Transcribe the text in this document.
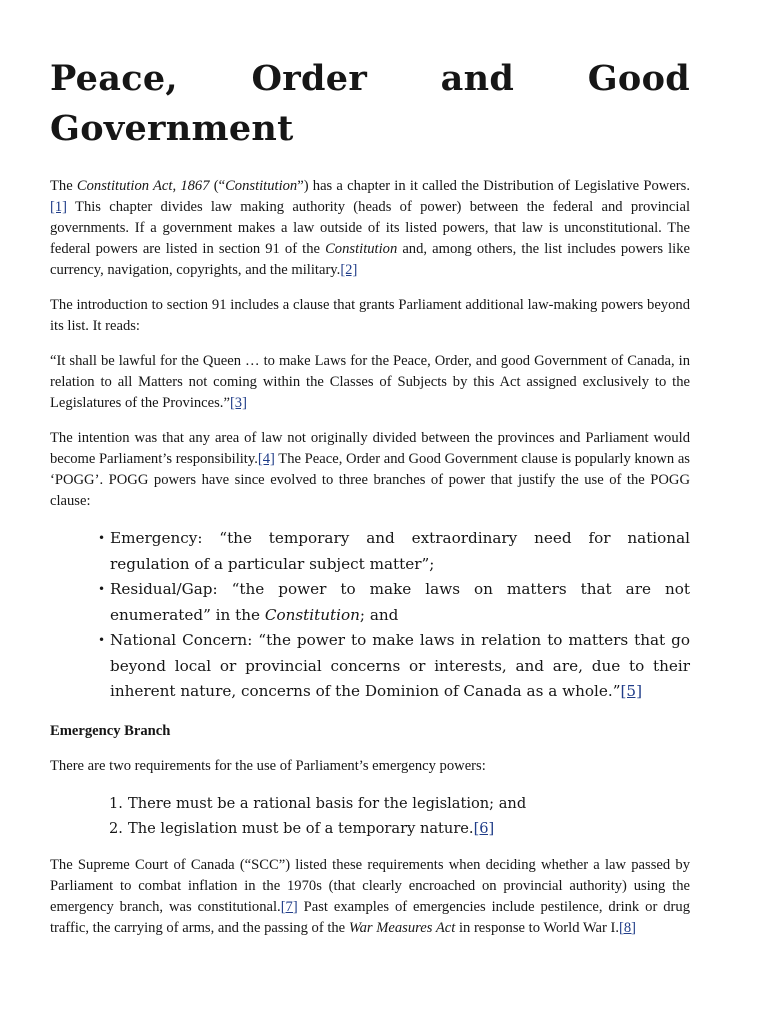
Peace, Order and Good
Government

The Constitution Act, 1867 (“Constitution”) has a chapter in it called the Distribution of Legislative Powers.[1] This chapter divides law making authority (heads of power) between the federal and provincial governments. If a government makes a law outside of its listed powers, that law is unconstitutional. The federal powers are listed in section 91 of the Constitution and, among others, the list includes powers like currency, navigation, copyrights, and the military.[2]

The introduction to section 91 includes a clause that grants Parliament additional law-making powers beyond its list. It reads:

“It shall be lawful for the Queen … to make Laws for the Peace, Order, and good Government of Canada, in relation to all Matters not coming within the Classes of Subjects by this Act assigned exclusively to the Legislatures of the Provinces.”[3]

The intention was that any area of law not originally divided between the provinces and Parliament would become Parliament’s responsibility.[4] The Peace, Order and Good Government clause is popularly known as ‘POGG’. POGG powers have since evolved to three branches of power that justify the use of the POGG clause:

• Emergency: “the temporary and extraordinary need for national regulation of a particular subject matter”;
• Residual/Gap: “the power to make laws on matters that are not enumerated” in the Constitution; and
• National Concern: “the power to make laws in relation to matters that go beyond local or provincial concerns or interests, and are, due to their inherent nature, concerns of the Dominion of Canada as a whole.”[5]
Emergency Branch

There are two requirements for the use of Parliament’s emergency powers:

1. There must be a rational basis for the legislation; and
2. The legislation must be of a temporary nature.[6]

The Supreme Court of Canada (“SCC”) listed these requirements when deciding whether a law passed by Parliament to combat inflation in the 1970s (that clearly encroached on provincial authority) using the emergency branch, was constitutional.[7] Past examples of emergencies include pestilence, drink or drug traffic, the carrying of arms, and the passing of the War Measures Act in response to World War I.[8]
